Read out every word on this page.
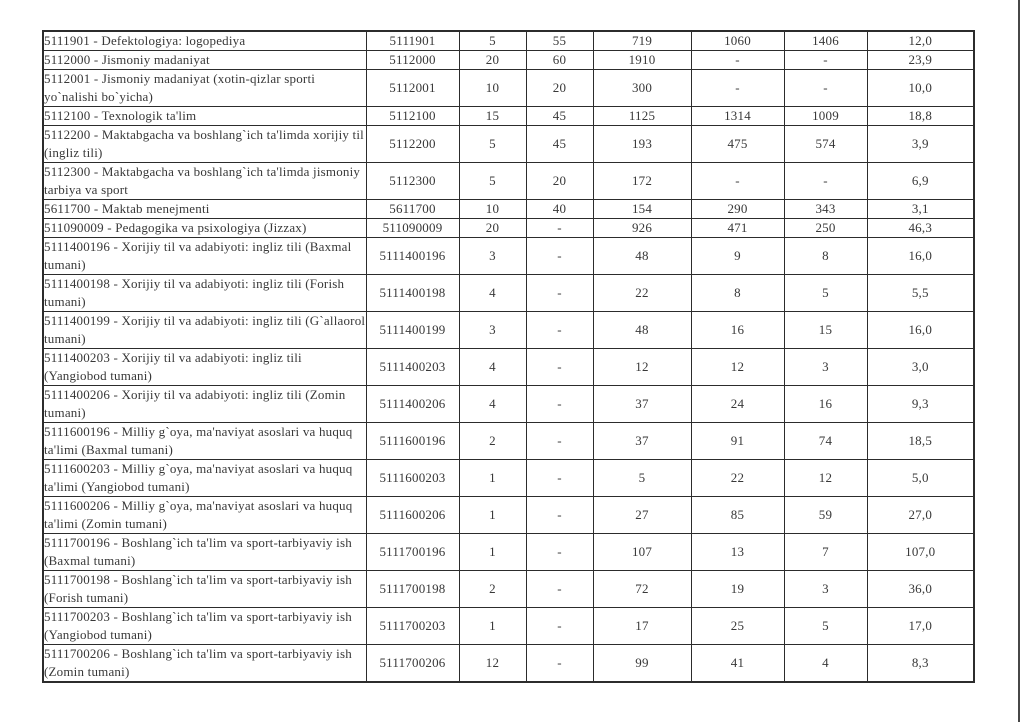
5111901 - Defektologiya: logopediya	5111901	5	55	719	1060	1406	12,0
5112000 - Jismoniy madaniyat	5112000	20	60	1910	-	-	23,9
5112001 - Jismoniy madaniyat (xotin-qizlar sporti yo`nalishi bo`yicha)	5112001	10	20	300	-	-	10,0
5112100 - Texnologik ta'lim	5112100	15	45	1125	1314	1009	18,8
5112200 - Maktabgacha va boshlang`ich ta'limda xorijiy til (ingliz tili)	5112200	5	45	193	475	574	3,9
5112300 - Maktabgacha va boshlang`ich ta'limda jismoniy tarbiya va sport	5112300	5	20	172	-	-	6,9
5611700 - Maktab menejmenti	5611700	10	40	154	290	343	3,1
511090009 - Pedagogika va psixologiya (Jizzax)	511090009	20	-	926	471	250	46,3
5111400196 - Xorijiy til va adabiyoti: ingliz tili (Baxmal tumani)	5111400196	3	-	48	9	8	16,0
5111400198 - Xorijiy til va adabiyoti: ingliz tili (Forish tumani)	5111400198	4	-	22	8	5	5,5
5111400199 - Xorijiy til va adabiyoti: ingliz tili (G`allaorol tumani)	5111400199	3	-	48	16	15	16,0
5111400203 - Xorijiy til va adabiyoti: ingliz tili (Yangiobod tumani)	5111400203	4	-	12	12	3	3,0
5111400206 - Xorijiy til va adabiyoti: ingliz tili (Zomin tumani)	5111400206	4	-	37	24	16	9,3
5111600196 - Milliy g`oya, ma'naviyat asoslari va huquq ta'limi (Baxmal tumani)	5111600196	2	-	37	91	74	18,5
5111600203 - Milliy g`oya, ma'naviyat asoslari va huquq ta'limi (Yangiobod tumani)	5111600203	1	-	5	22	12	5,0
5111600206 - Milliy g`oya, ma'naviyat asoslari va huquq ta'limi (Zomin tumani)	5111600206	1	-	27	85	59	27,0
5111700196 - Boshlang`ich ta'lim va sport-tarbiyaviy ish (Baxmal tumani)	5111700196	1	-	107	13	7	107,0
5111700198 - Boshlang`ich ta'lim va sport-tarbiyaviy ish (Forish tumani)	5111700198	2	-	72	19	3	36,0
5111700203 - Boshlang`ich ta'lim va sport-tarbiyaviy ish (Yangiobod tumani)	5111700203	1	-	17	25	5	17,0
5111700206 - Boshlang`ich ta'lim va sport-tarbiyaviy ish (Zomin tumani)	5111700206	12	-	99	41	4	8,3
